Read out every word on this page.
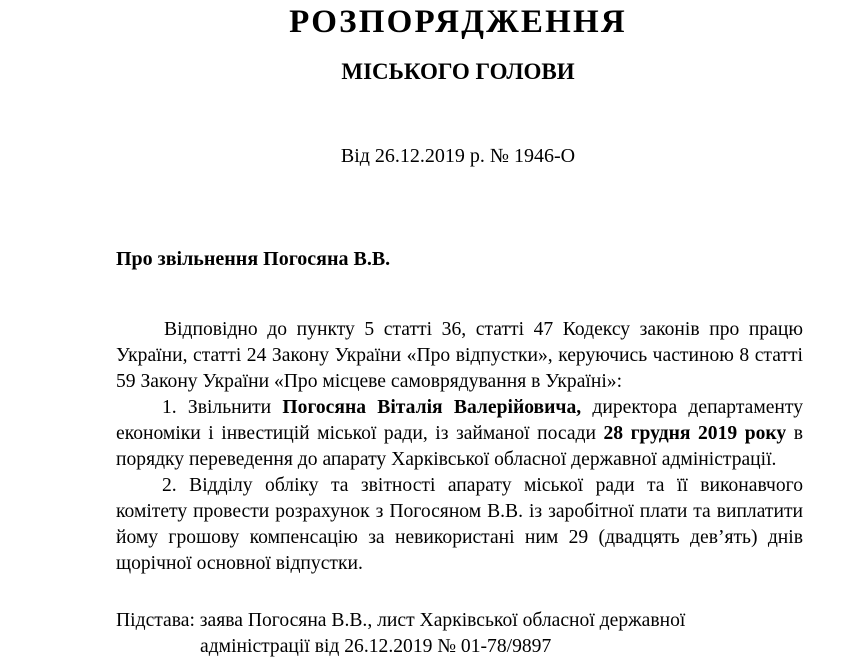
РОЗПОРЯДЖЕННЯ
МІСЬКОГО ГОЛОВИ
Від 26.12.2019 р. № 1946-О
Про звільнення Погосяна В.В.

Відповідно до пункту 5 статті 36, статті 47 Кодексу законів про працю України, статті 24 Закону України «Про відпустки», керуючись частиною 8 статті 59 Закону України «Про місцеве самоврядування в Україні»:

1. Звільнити Погосяна Віталія Валерійовича, директора департаменту економіки і інвестицій міської ради, із займаної посади 28 грудня 2019 року в порядку переведення до апарату Харківської обласної державної адміністрації.

2. Відділу обліку та звітності апарату міської ради та її виконавчого комітету провести розрахунок з Погосяном В.В. із заробітної плати та виплатити йому грошову компенсацію за невикористані ним 29 (двадцять дев’ять) днів щорічної основної відпустки.

Підстава: заява Погосяна В.В., лист Харківської обласної державної
адміністрації від 26.12.2019 № 01-78/9897
